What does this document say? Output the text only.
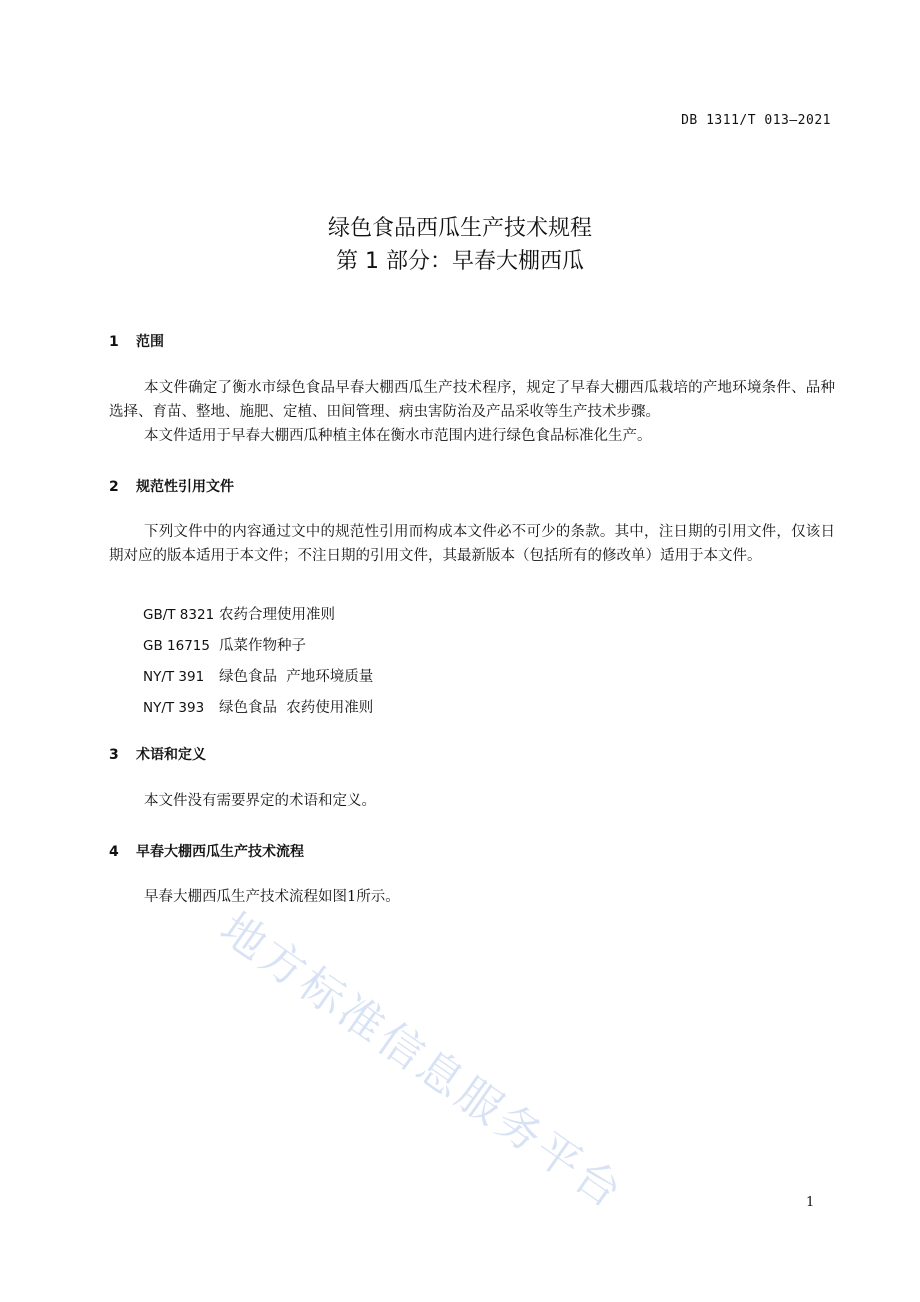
DB 1311/T 013—2021
绿色食品西瓜生产技术规程
第 1 部分：早春大棚西瓜
1 范围
本文件确定了衡水市绿色食品早春大棚西瓜生产技术程序，规定了早春大棚西瓜栽培的产地环境条件、品种选择、育苗、整地、施肥、定植、田间管理、病虫害防治及产品采收等生产技术步骤。
本文件适用于早春大棚西瓜种植主体在衡水市范围内进行绿色食品标准化生产。
2 规范性引用文件
下列文件中的内容通过文中的规范性引用而构成本文件必不可少的条款。其中，注日期的引用文件，仅该日期对应的版本适用于本文件；不注日期的引用文件，其最新版本（包括所有的修改单）适用于本文件。
GB/T 8321 农药合理使用准则
GB 16715 瓜菜作物种子
NY/T 391 绿色食品  产地环境质量
NY/T 393 绿色食品  农药使用准则
3 术语和定义
本文件没有需要界定的术语和定义。
4 早春大棚西瓜生产技术流程
早春大棚西瓜生产技术流程如图1所示。
地方标准信息服务平台	1
